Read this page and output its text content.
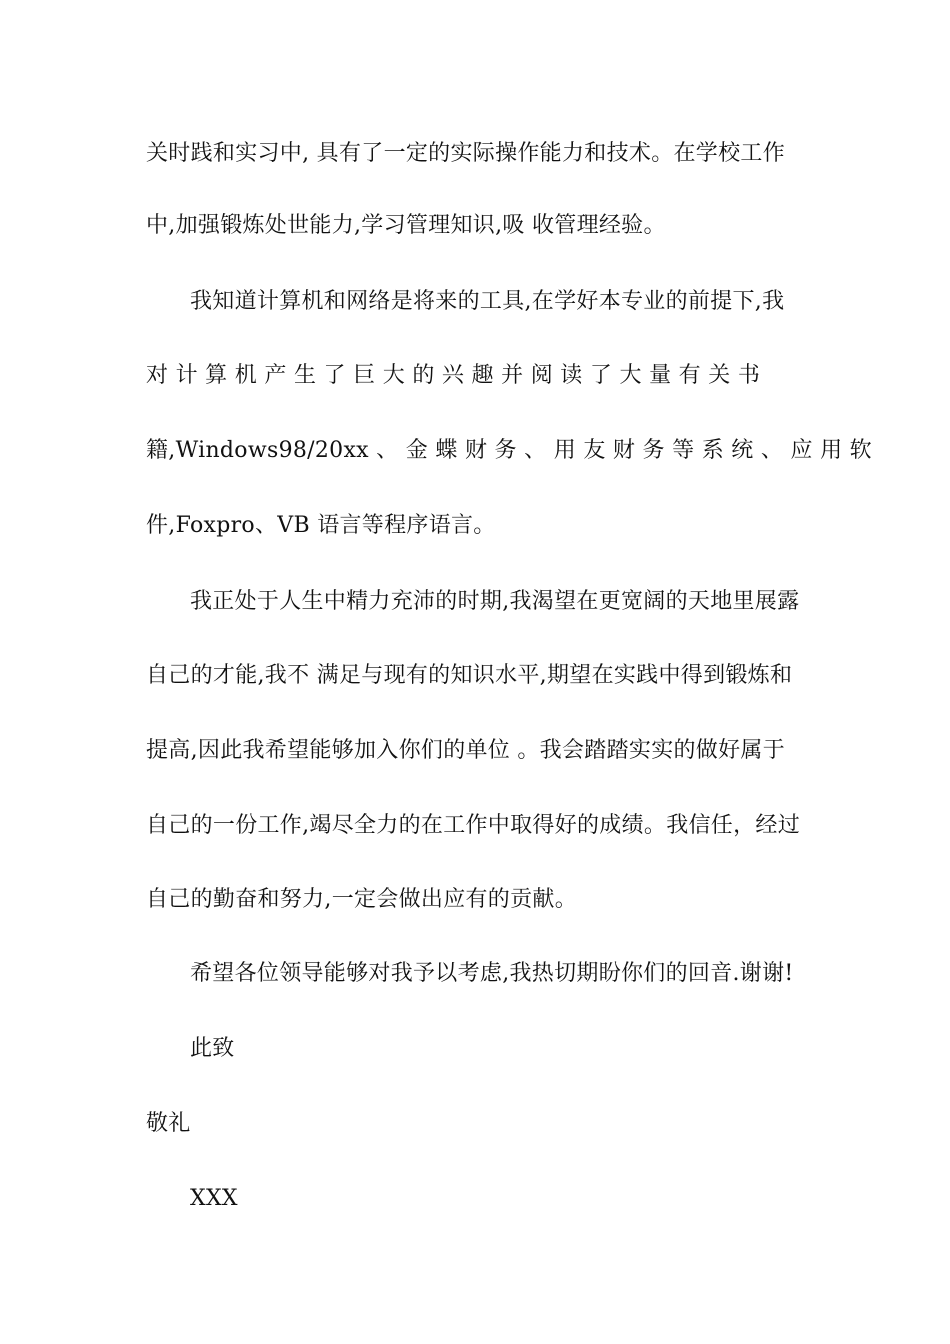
关时践和实习中, 具有了一定的实际操作能力和技术。在学校工作
中,加强锻炼处世能力,学习管理知识,吸 收管理经验。
我知道计算机和网络是将来的工具,在学好本专业的前提下,我
对 计 算 机 产 生 了 巨 大 的 兴 趣 并 阅 读 了 大 量 有 关 书
籍,Windows98/20xx 、 金 蝶 财 务 、 用 友 财 务 等 系 统 、 应 用 软
件,Foxpro、VB 语言等程序语言。
我正处于人生中精力充沛的时期,我渴望在更宽阔的天地里展露
自己的才能,我不 满足与现有的知识水平,期望在实践中得到锻炼和
提高,因此我希望能够加入你们的单位 。我会踏踏实实的做好属于
自己的一份工作,竭尽全力的在工作中取得好的成绩。我信任，经过
自己的勤奋和努力,一定会做出应有的贡献。
希望各位领导能够对我予以考虑,我热切期盼你们的回音.谢谢!
此致
敬礼
XXX
